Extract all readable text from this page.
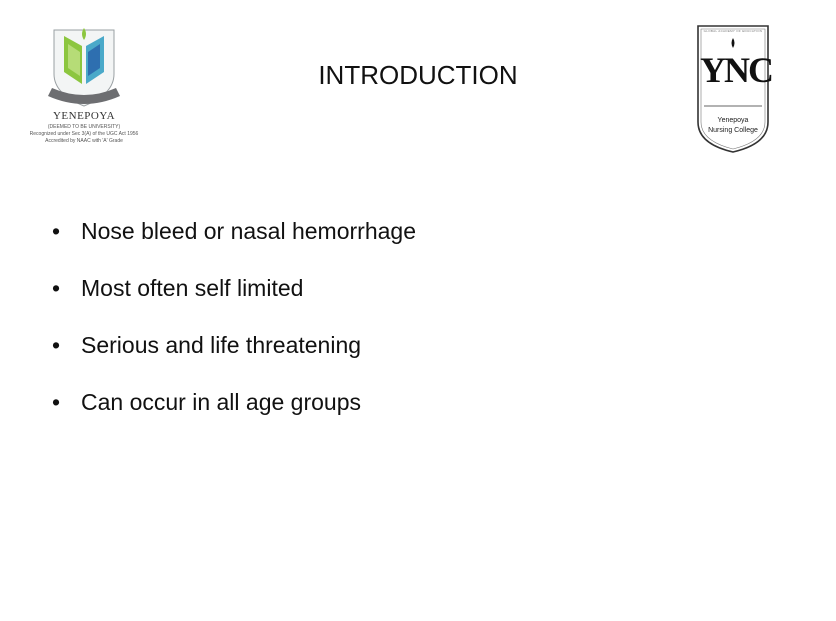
YENEPOYA
(DEEMED TO BE UNIVERSITY)
Recognized under Sec 3(A) of the UGC Act 1956
Accredited by NAAC with 'A' Grade
INTRODUCTION
GLOBAL ACADEMY OF EDUCATION
YNC
Yenepoya
Nursing College
• Nose bleed or nasal hemorrhage
• Most often self limited
• Serious and life threatening
• Can occur in all age groups
